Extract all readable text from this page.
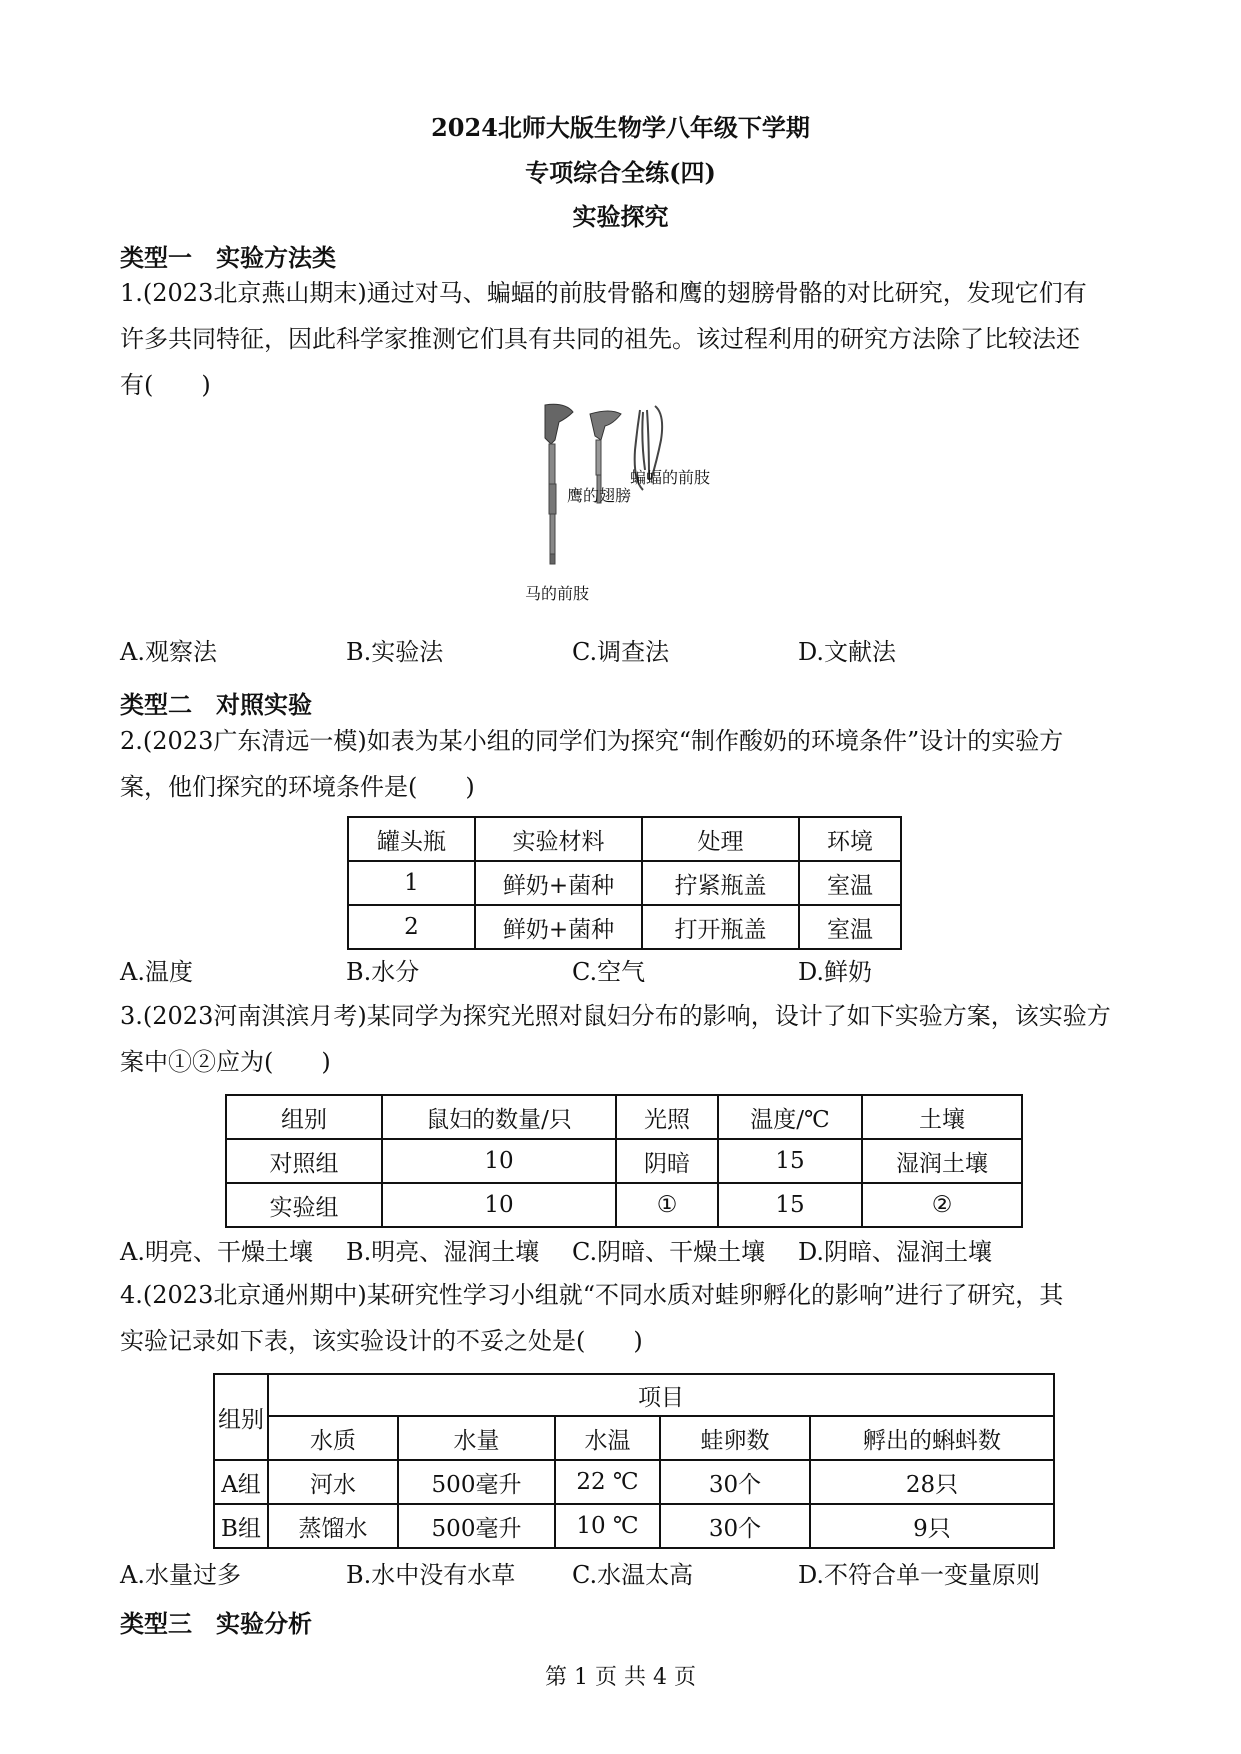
2024北师大版生物学八年级下学期
专项综合全练(四)
实验探究
类型一　实验方法类
1.(2023北京燕山期末)通过对马、蝙蝠的前肢骨骼和鹰的翅膀骨骼的对比研究，发现它们有
许多共同特征，因此科学家推测它们具有共同的祖先。该过程利用的研究方法除了比较法还
有(　　)
蝙蝠的前肢
鹰的翅膀
马的前肢
A.观察法	B.实验法	C.调查法	D.文献法
类型二　对照实验
2.(2023广东清远一模)如表为某小组的同学们为探究“制作酸奶的环境条件”设计的实验方
案，他们探究的环境条件是(　　)
罐头瓶	实验材料	处理	环境
1	鲜奶+菌种	拧紧瓶盖	室温
2	鲜奶+菌种	打开瓶盖	室温
A.温度	B.水分	C.空气	D.鲜奶
3.(2023河南淇滨月考)某同学为探究光照对鼠妇分布的影响，设计了如下实验方案，该实验方
案中①②应为(　　)
组别	鼠妇的数量/只	光照	温度/℃	土壤
对照组	10	阴暗	15	湿润土壤
实验组	10	①	15	②
A.明亮、干燥土壤	B.明亮、湿润土壤	C.阴暗、干燥土壤	D.阴暗、湿润土壤
4.(2023北京通州期中)某研究性学习小组就“不同水质对蛙卵孵化的影响”进行了研究，其
实验记录如下表，该实验设计的不妥之处是(　　)
组别	项目				
	水质	水量	水温	蛙卵数	孵出的蝌蚪数
A组	河水	500毫升	22 ℃	30个	28只
B组	蒸馏水	500毫升	10 ℃	30个	9只
A.水量过多	B.水中没有水草	C.水温太高	D.不符合单一变量原则
类型三　实验分析
第 1 页 共 4 页
